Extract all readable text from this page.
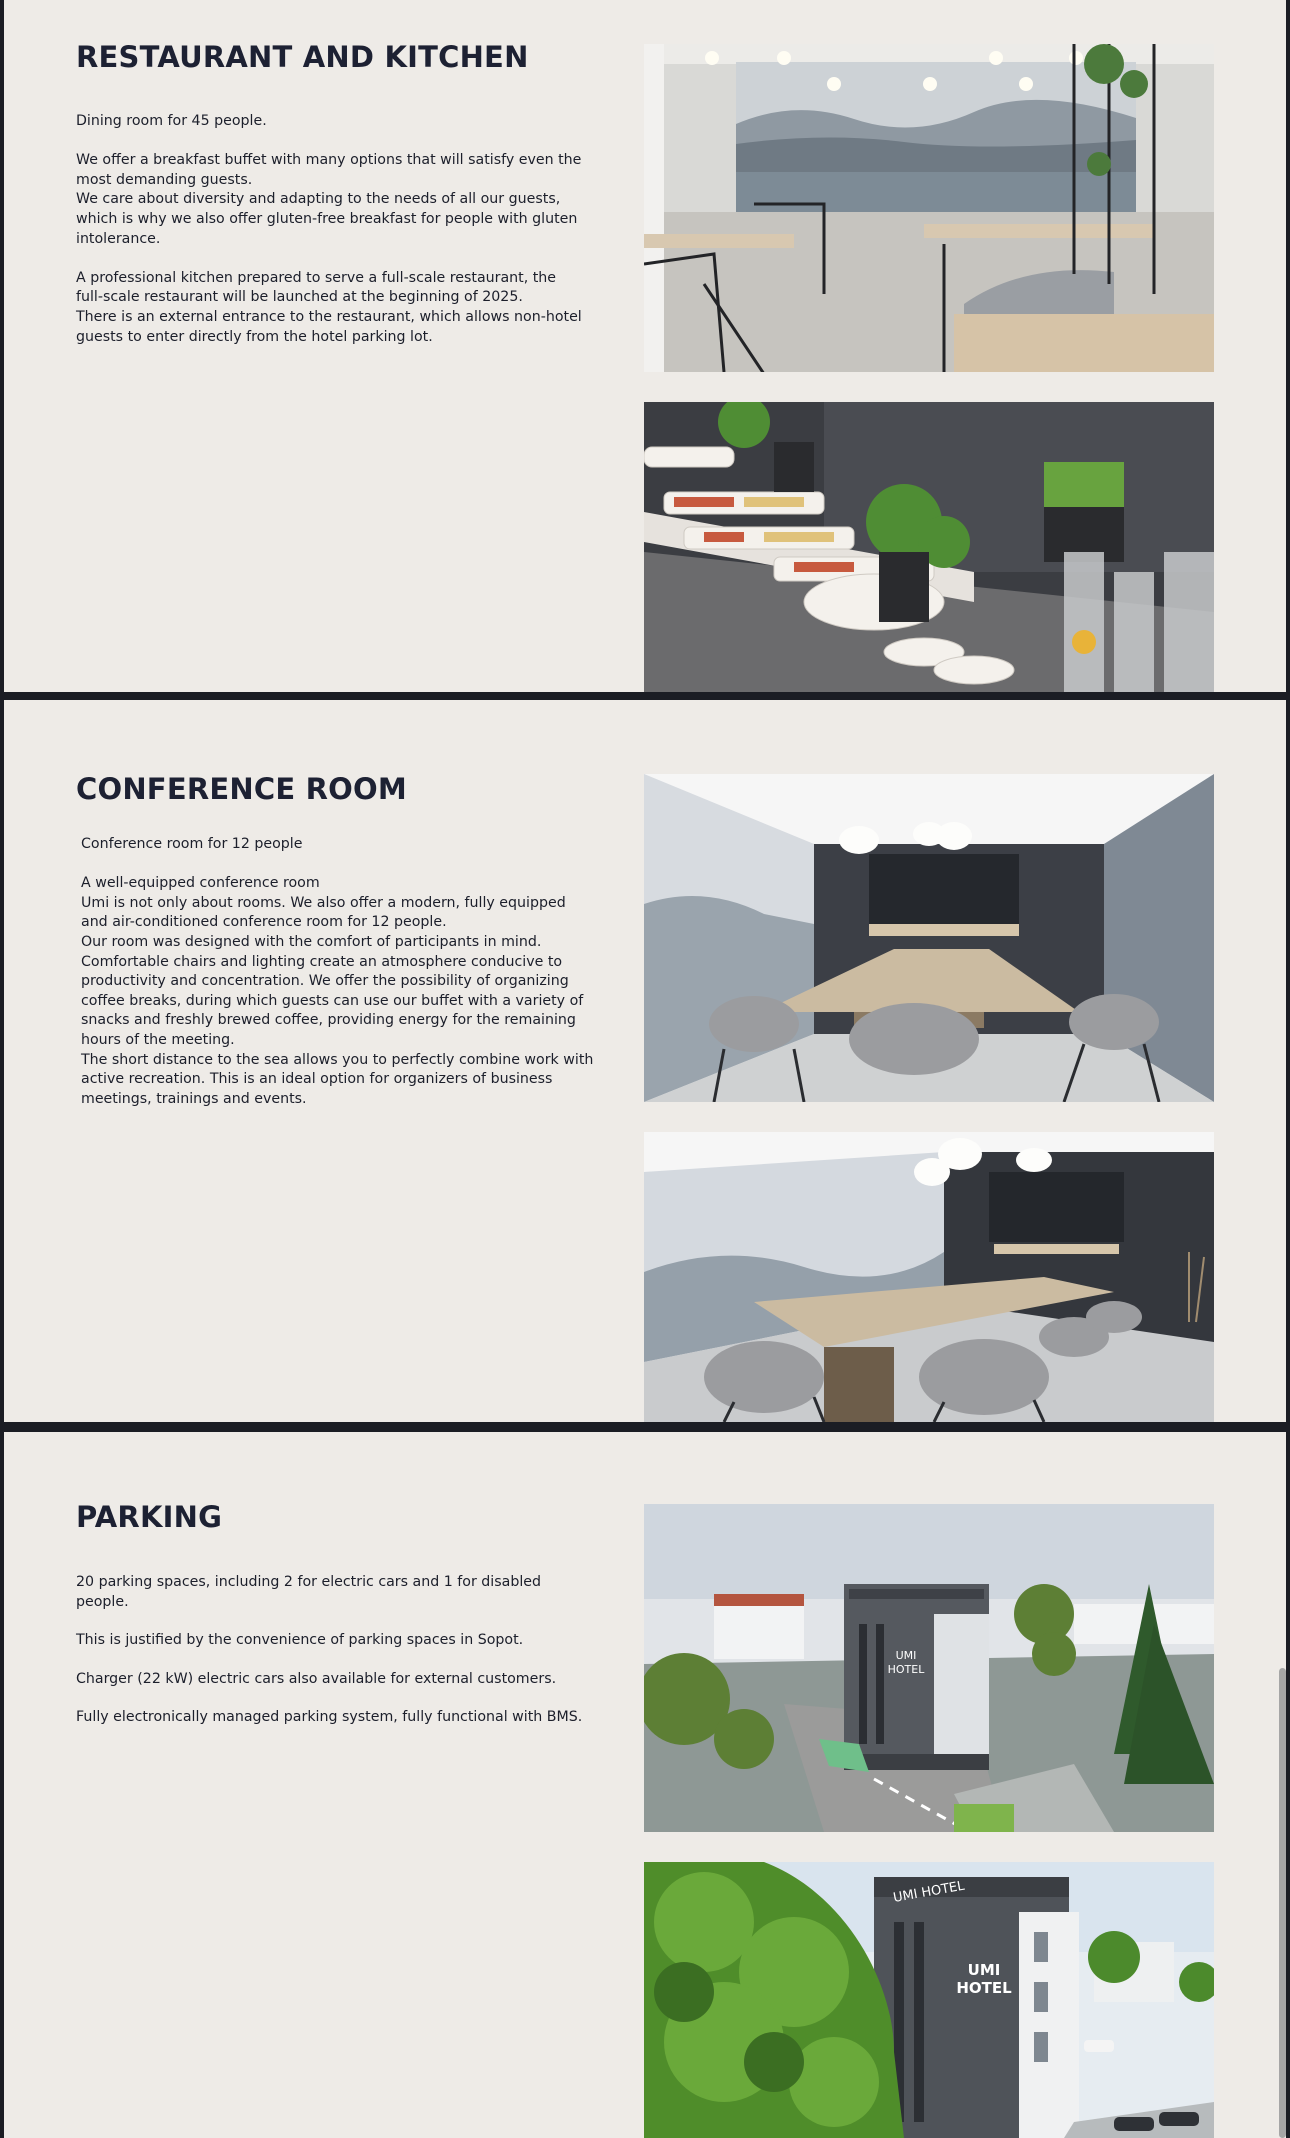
RESTAURANT AND KITCHEN

Dining room for 45 people.

We offer a breakfast buffet with many options that will satisfy even the most demanding guests.

We care about diversity and adapting to the needs of all our guests, which is why we also offer gluten-free breakfast for people with gluten intolerance.

A professional kitchen prepared to serve a full-scale restaurant, the full-scale restaurant will be launched at the beginning of 2025.

There is an external entrance to the restaurant, which allows non-hotel guests to enter directly from the hotel parking lot.

CONFERENCE ROOM

Conference room for 12 people

A well-equipped conference room

Umi is not only about rooms. We also offer a modern, fully equipped and air-conditioned conference room for 12 people.

Our room was designed with the comfort of participants in mind.

Comfortable chairs and lighting create an atmosphere conducive to productivity and concentration. We offer the possibility of organizing coffee breaks, during which guests can use our buffet with a variety of snacks and freshly brewed coffee, providing energy for the remaining hours of the meeting.

The short distance to the sea allows you to perfectly combine work with active recreation. This is an ideal option for organizers of business meetings, trainings and events.

PARKING

20 parking spaces, including 2 for electric cars and 1 for disabled people.

This is justified by the convenience of parking spaces in Sopot.

Charger (22 kW) electric cars also available for external customers.

Fully electronically managed parking system, fully functional with BMS.

UMI
HOTEL
UMI
HOTEL
UMI HOTEL
